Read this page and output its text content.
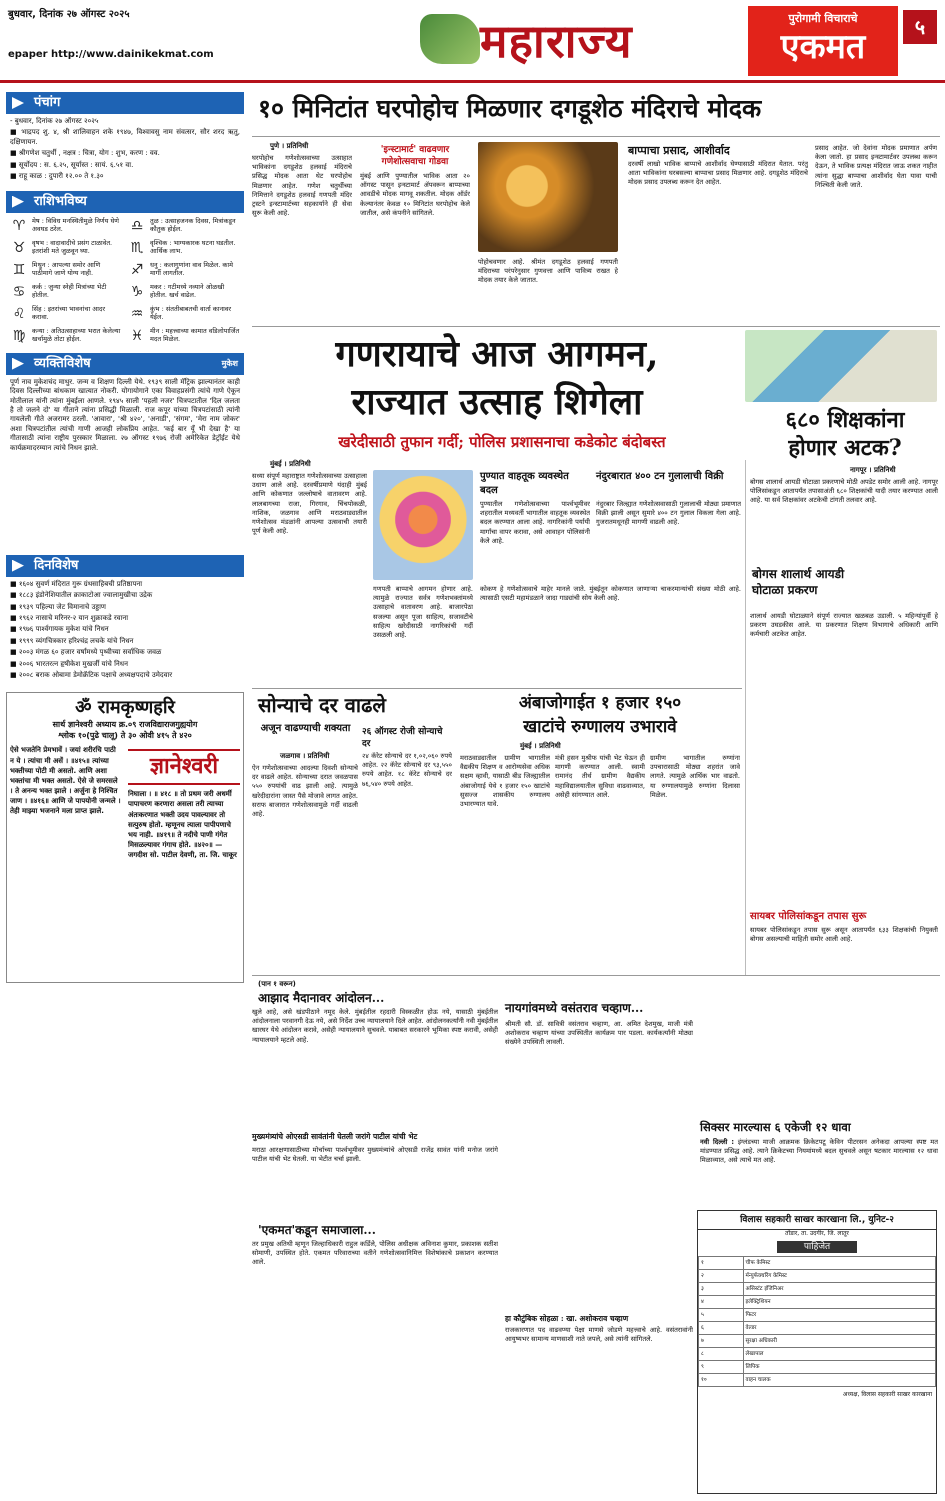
बुधवार, दिनांक २७ ऑगस्ट २०२५
epaper http://www.dainikekmat.com	महाराज्य	पुरोगामी विचाराचे
एकमत	५
पंचांग
- बुधवार, दिनांक २७ ऑगस्ट २०२५
■ भाद्रपद शु. ४, श्री शालिवाहन शके १९४७, विश्वावसु नाम संवत्सर, सौर शरद ऋतु, दक्षिणायन.
■ श्रीगणेश चतुर्थी , नक्षत्र : चित्रा, योग : शुभ, करण : वव.
■ सूर्योदय : स. ६.२५, सूर्यास्त : सायं. ६.५१ वा.
■ राहू काळ : दुपारी १२.०० ते १.३०
राशिभविष्य
♈	मेष : विविध मनस्थितीमुळे निर्णय घेणे अवघड ठरेल.	♎	तुळ : उत्साहजनक दिवस, मित्रांकडून कौतुक होईल.
♉	वृषभ : वादावादीचे प्रसंग टाळावेत. इतरांशी मते जुळवून घ्या.	♏	वृश्चिक : भाग्यकारक घटना घडतील. आर्थिक लाभ.
♊	मिथुन : आपल्या समोर आणि पाठीमागे जाणे योग्य नाही.	♐	धनु : कलागुणांना वाव मिळेल. कामे मार्गी लागतील.
♋	कर्क : जुन्या स्नेही मित्रांच्या भेटी होतील.	♑	मकर : गटीमध्ये नव्याने ओळखी होतील. खर्च वाढेल.
♌	सिंह : इतरांच्या भावनांचा आदर करावा.	♒	कुंभ : संततीबाबतची वार्ता कानावर येईल.
♍	कन्या : अतिउत्साहाच्या भरात केलेल्या खर्चामुळे तोटा होईल.	♓	मीन : महत्त्वाच्या कामात वडिलोपार्जित मदत मिळेल.
व्यक्तिविशेष	मुकेश
पूर्ण नाव मुकेशचंद माथुर. जन्म व शिक्षण दिल्ली येथे. १९३९ साली मॅट्रिक झाल्यानंतर काही दिवस दिल्लीच्या बांधकाम खात्यात नोकरी. योगायोगाने एका विवाहप्रसंगी त्यांचे गाणे ऐकून मोतीलाल यांनी त्यांना मुंबईला आणले. १९४५ साली 'पहली नजर' चित्रपटातील 'दिल जलता है तो जलने दो' या गीताने त्यांना प्रसिद्धी मिळाली. राज कपूर यांच्या चित्रपटांसाठी त्यांनी गायलेली गीते अजरामर ठरली. 'आवारा', 'श्री ४२०', 'अनाडी', 'संगम', 'मेरा नाम जोकर' अशा चित्रपटांतील त्यांची गाणी आजही लोकप्रिय आहेत. 'कई बार यूँ भी देखा है' या गीतासाठी त्यांना राष्ट्रीय पुरस्कार मिळाला. २७ ऑगस्ट १९७६ रोजी अमेरिकेत डेट्रॉईट येथे कार्यक्रमादरम्यान त्यांचे निधन झाले.
दिनविशेष
■ १६०४ सुवर्ण मंदिरात गुरू ग्रंथसाहिबची प्रतिष्ठापना
■ १८८३ इंडोनेशियातील क्राकाटोआ ज्वालामुखीचा उद्रेक
■ १९३९ पहिल्या जेट विमानाचे उड्डाण
■ १९६२ नासाचे मरिनर-२ यान शुक्राकडे रवाना
■ १९७६ पार्श्वगायक मुकेश यांचे निधन
■ १९९९ व्यंगचित्रकार हरिश्चंद्र लचके यांचे निधन
■ २००३ मंगळ ६० हजार वर्षांमध्ये पृथ्वीच्या सर्वाधिक जवळ
■ २००६ भारतरत्न हृषीकेश मुखर्जी यांचे निधन
■ २००८ बराक ओबामा डेमोक्रॅटिक पक्षाचे अध्यक्षपदाचे उमेदवार
ॐ रामकृष्णहरि
सार्थ ज्ञानेश्वरी अध्याय क्र.०९ राजविद्याराजगुह्ययोग
श्लोक १०(पुढे चालू) ते ३० ओवी ४१५ ते ४२०
ऐसे भजतेनि प्रेमभावें । जयां शरीरचि पाठी न ये । त्यांचा मी असें । ॥४१५॥ त्यांच्या भक्तीच्या पोटी मी असतो. आणि अशा भक्तांचा मी भक्त असतो. ऐसे जे समरसले । ते अनन्य भक्त झाले । अर्जुना हे निश्चित जाण । ॥४१६॥ आणि जे पापयोनी जन्मले । तेही माझ्या भजनाने मला प्राप्त झाले.
ज्ञानेश्वरी
निघाला । ॥ ४१८ ॥ तो प्रथम जरी अधर्मी पापाचरण करणारा असला तरी त्याच्या अंतःकरणात भक्ती उदय पावल्यावर तो सत्पुरुष होतो. म्हणूनच त्याला पापीपणाचे भय नाही. ॥४१९॥ ते नदीचे पाणी गंगेत मिसळल्यावर गंगाच होते. ॥४२०॥ —जगदीश सो. पाटील देवणी, ता. जि. चाकूर
१० मिनिटांत घरपोहोच मिळणार दगडूशेठ मंदिराचे मोदक
पुणे । प्रतिनिधी
घरपोहोच गणेशोत्सवाच्या उत्साहात भाविकांना दगडूशेठ हलवाई मंदिराचे प्रसिद्ध मोदक आता थेट घरपोहोच मिळणार आहेत. गणेश चतुर्थीच्या निमित्ताने दगडूशेठ हलवाई गणपती मंदिर ट्रस्टने इन्स्टामार्टच्या सहकार्याने ही सेवा सुरू केली आहे.
'इन्स्टामार्ट' वाढवणार गणेशोत्सवाचा गोडवा
मुंबई आणि पुण्यातील भाविक आता २० ऑगस्ट पासून इन्स्टामार्ट ॲपवरून बाप्पाच्या आवडीचे मोदक मागवू शकतील. मोदक ऑर्डर केल्यानंतर केवळ १० मिनिटांत घरपोहोच केले जातील, असे कंपनीने सांगितले.
पोहोचवणार आहे. श्रीमंत दगडूशेठ हलवाई गणपती मंदिराच्या परंपरेनुसार गुणवत्ता आणि पावित्र्य राखत हे मोदक तयार केले जातात.
बाप्पाचा प्रसाद, आशीर्वाद
दरवर्षी लाखो भाविक बाप्पाचे आशीर्वाद घेण्यासाठी मंदिरात येतात. परंतु आता भाविकांना घरबसल्या बाप्पाचा प्रसाद मिळणार आहे. दगडूशेठ मंदिराचे मोदक प्रसाद उपलब्ध करून देत आहेत.
प्रसाद आहेत. जो देवांना मोदक प्रमाणात अर्पण केला जातो. हा प्रसाद इन्स्टामार्टवर उपलब्ध करून देऊन, ते भाविक प्रत्यक्ष मंदिरात जाऊ शकत नाहीत त्यांना सुद्धा बाप्पाचा आशीर्वाद घेता यावा याची निश्चिती केली जाते.
गणरायाचे आज आगमन,
राज्यात उत्साह शिगेला
खरेदीसाठी तुफान गर्दी; पोलिस प्रशासनाचा कडेकोट बंदोबस्त
६८० शिक्षकांना
होणार अटक?
मुंबई । प्रतिनिधी
सध्या संपूर्ण महाराष्ट्रात गणेशोत्सवाच्या उत्साहाला उधाण आले आहे. दरवर्षीप्रमाणे यंदाही मुंबई आणि कोकणात जल्लोषाचे वातावरण आहे. लालबागच्या राजा, गिरगाव, चिंचपोकळी, नाशिक, जळगाव आणि मराठवाड्यातील गणेशोत्सव मंडळांनी आपल्या उत्सवाची तयारी पूर्ण केली आहे.
गणपती बाप्पाचे आगमन होणार आहे. त्यामुळे राज्यात सर्वत्र गणेशभक्तांमध्ये उत्साहाचे वातावरण आहे. बाजारपेठा सजल्या असून पूजा साहित्य, सजावटीचे साहित्य खरेदीसाठी नागरिकांची गर्दी उसळली आहे.
पुण्यात वाहतूक व्यवस्थेत बदल
पुण्यातील गणेशोत्सवाच्या पार्श्वभूमीवर शहरातील मध्यवर्ती भागातील वाहतूक व्यवस्थेत बदल करण्यात आला आहे. नागरिकांनी पर्यायी मार्गांचा वापर करावा, असे आवाहन पोलिसांनी केले आहे.
नंदुरबारात ४०० टन गुलालाची विक्री
नंदुरबार जिल्ह्यात गणेशोत्सवासाठी गुलालाची मोठ्या प्रमाणात विक्री झाली असून सुमारे ४०० टन गुलाल विकला गेला आहे. गुजरातमधूनही मागणी वाढली आहे.
कोकण हे गणेशोत्सवाचे माहेर मानले जाते. मुंबईतून कोकणात जाणाऱ्या चाकरमान्यांची संख्या मोठी आहे. त्यासाठी एसटी महामंडळाने जादा गाड्यांची सोय केली आहे.
नागपूर । प्रतिनिधी
बोगस शालार्थ आयडी घोटाळा प्रकरणाचे मोठी अपडेट समोर आली आहे. नागपूर पोलिसांकडून आतापर्यंत तपासाअंती ६८० शिक्षकांची यादी तयार करण्यात आली आहे. या सर्व शिक्षकांवर अटकेची टांगती तलवार आहे.
बोगस शालार्थ आयडी घोटाळा प्रकरण
शालार्थ आयडी घोटाळ्याने संपूर्ण राज्यात खळबळ उडाली. ५ महिन्यांपूर्वी हे प्रकरण उघडकीस आले. या प्रकरणात शिक्षण विभागाचे अधिकारी आणि कर्मचारी अटकेत आहेत.
सायबर पोलिसांकडून तपास सुरू
सायबर पोलिसांकडून तपास सुरू असून आतापर्यंत ६३३ शिक्षकांची नियुक्ती बोगस असल्याची माहिती समोर आली आहे.
सोन्याचे दर वाढले
अजून वाढण्याची शक्यता
जळगाव । प्रतिनिधी
ऐन गणेशोत्सवाच्या आदल्या दिवशी सोन्याचे दर वाढले आहेत. सोन्याच्या दरात जवळपास ५५० रुपयांची वाढ झाली आहे. त्यामुळे खरेदीदारांना जास्त पैसे मोजावे लागत आहेत. सराफ बाजारात गणेशोत्सवामुळे गर्दी वाढली आहे.
२६ ऑगस्ट रोजी सोन्याचे दर
२४ कॅरेट सोन्याचे दर १,०२,०६० रुपये आहेत. २२ कॅरेट सोन्याचे दर ९३,५५० रुपये आहेत. १८ कॅरेट सोन्याचे दर ७६,५४० रुपये आहेत.
अंबाजोगाईत १ हजार १५०
खाटांचे रुग्णालय उभारावे
मुंबई । प्रतिनिधी
मराठवाड्यातील ग्रामीण भागातील वैद्यकीय शिक्षण व आरोग्यसेवा अधिक सक्षम व्हावी, यासाठी बीड जिल्ह्यातील अंबाजोगाई येथे १ हजार १५० खाटांचे सुसज्ज शासकीय रुग्णालय उभारण्यात यावे.
मंत्री हसन मुश्रीफ यांची भेट घेऊन ही मागणी करण्यात आली. स्वामी रामानंद तीर्थ ग्रामीण वैद्यकीय महाविद्यालयातील सुविधा वाढवाव्यात, असेही सांगण्यात आले.
ग्रामीण भागातील रुग्णांना उपचारासाठी मोठ्या शहरांत जावे लागते. त्यामुळे आर्थिक भार वाढतो. या रुग्णालयामुळे रुग्णांना दिलासा मिळेल.
(पान १ वरून)
आझाद मैदानावर आंदोलन...
खुले आहे, असे खंडपीठाने नमूद केले. मुंबईतील रहदारी विस्कळीत होऊ नये, यासाठी मुंबईतील आंदोलनाला परवानगी देऊ नये, असे निर्देश उच्च न्यायालयाने दिले आहेत. आंदोलनकर्त्यांनी नवी मुंबईतील खारघर येथे आंदोलन करावे, असेही न्यायालयाने सुचवले. याबाबत सरकारने भूमिका स्पष्ट करावी, असेही न्यायालयाने म्हटले आहे.
मुख्यमंत्र्यांचे ओएसडी सावंतांनी घेतली जरांगे पाटील यांची भेट
मराठा आरक्षणासाठीच्या मोर्चाच्या पार्श्वभूमीवर मुख्यमंत्र्यांचे ओएसडी राजेंद्र सावंत यांनी मनोज जरांगे पाटील यांची भेट घेतली. या भेटीत चर्चा झाली.
'एकमत'कडून समाजाला...
तर प्रमुख अतिथी म्हणून जिल्हाधिकारी राहुल कर्डिले, पोलिस अधीक्षक अविनाश कुमार, प्रकाशक सतीश सोमाणी, उपस्थित होते. एकमत परिवाराच्या वतीने गणेशोत्सवानिमित्त विशेषांकाचे प्रकाशन करण्यात आले.
नायगांवमध्ये वसंतराव चव्हाण...
श्रीमती सौ. डॉ. सावित्री वसंतराव चव्हाण, आ. अमित देशमुख, माजी मंत्री अशोकराव चव्हाण यांच्या उपस्थितीत कार्यक्रम पार पडला. कार्यकर्त्यांनी मोठ्या संख्येने उपस्थिती लावली.
हा कौटुंबिक सोहळा : खा. अशोकराव चव्हाण
राजकारणात पद वाढवण्या पेक्षा माणसे जोडणे महत्त्वाचे आहे. वसंतरावांनी आयुष्यभर सामान्य माणसाशी नाते जपले, असे त्यांनी सांगितले.
सिक्सर मारल्यास ६ एकेजी १२ धावा
नवी दिल्ली : इंग्लंडच्या माजी आक्रमक क्रिकेटपटू केविन पीटरसन अनेकदा आपल्या स्पष्ट मत मांडण्यात प्रसिद्ध आहे. त्याने क्रिकेटच्या नियमांमध्ये बदल सुचवले असून षटकार मारल्यास १२ धावा मिळाव्यात, असे त्याचे मत आहे.
विलास सहकारी साखर कारखाना लि., युनिट-२
तोंडार, ता. उदगीर, जि. लातूर
पाहिजेत
१	चीफ केमिस्ट
२	मॅन्युफॅक्चरिंग केमिस्ट
३	असिस्टंट इंजिनिअर
४	इलेक्ट्रिशियन
५	फिटर
६	वेल्डर
७	सुरक्षा अधिकारी
८	लेखापाल
९	लिपिक
१०	वाहन चालक
अध्यक्ष, विलास सहकारी साखर कारखाना
